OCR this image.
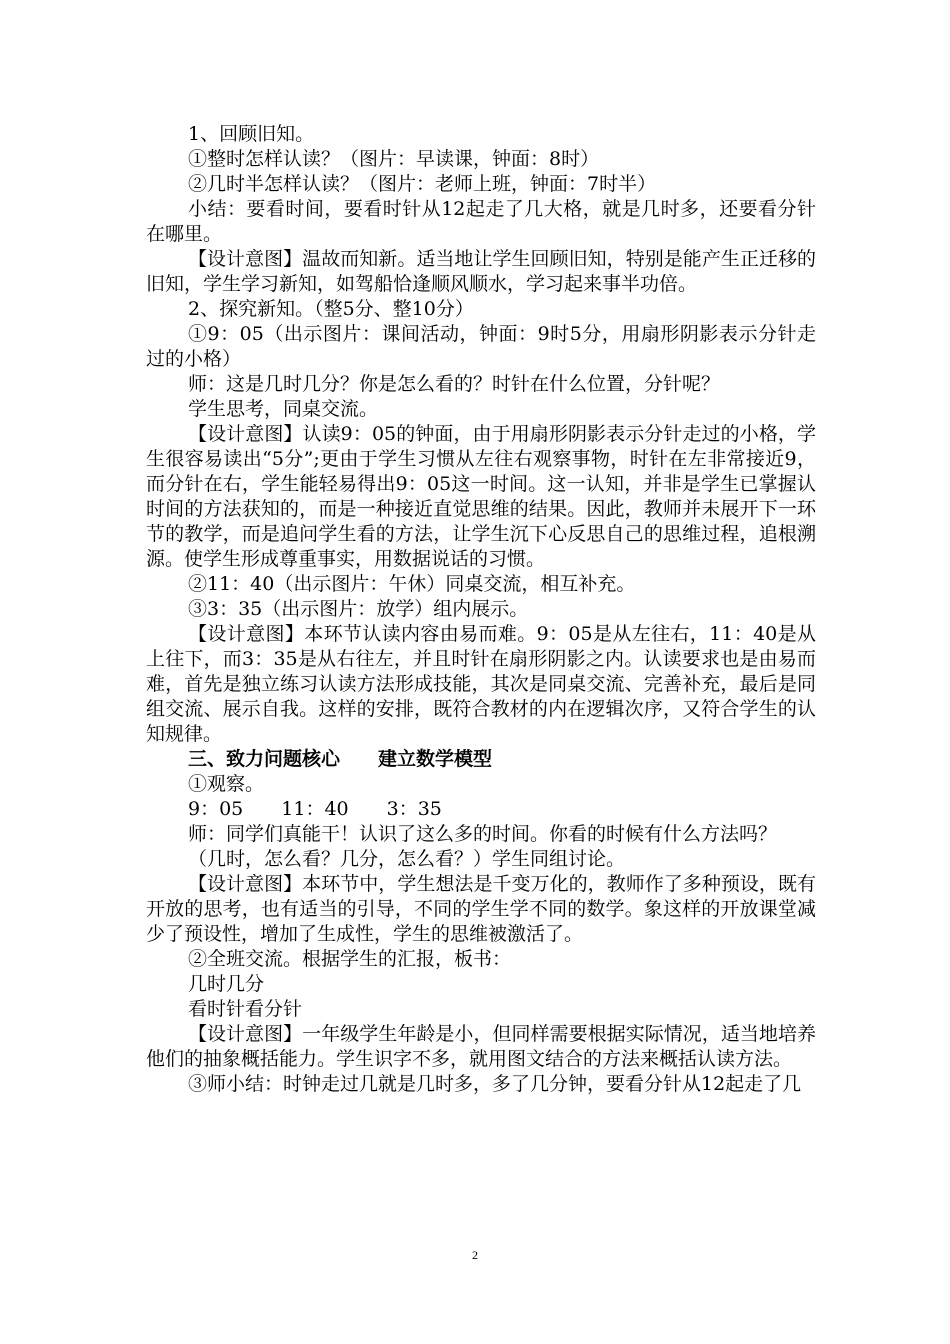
1、回顾旧知。

①整时怎样认读？（图片：早读课，钟面：8时）

②几时半怎样认读？（图片：老师上班，钟面：7时半）

小结：要看时间，要看时针从12起走了几大格，就是几时多，还要看分针在哪里。

【设计意图】温故而知新。适当地让学生回顾旧知，特别是能产生正迁移的旧知，学生学习新知，如驾船恰逢顺风顺水，学习起来事半功倍。

2、探究新知。（整5分、整10分）

①9：05（出示图片：课间活动，钟面：9时5分，用扇形阴影表示分针走过的小格）

师：这是几时几分？你是怎么看的？时针在什么位置，分针呢？

学生思考，同桌交流。

【设计意图】认读9：05的钟面，由于用扇形阴影表示分针走过的小格，学生很容易读出“5分”;更由于学生习惯从左往右观察事物，时针在左非常接近9，而分针在右，学生能轻易得出9：05这一时间。这一认知，并非是学生已掌握认时间的方法获知的，而是一种接近直觉思维的结果。因此，教师并未展开下一环节的教学，而是追问学生看的方法，让学生沉下心反思自己的思维过程，追根溯源。使学生形成尊重事实，用数据说话的习惯。

②11：40（出示图片：午休）同桌交流，相互补充。

③3：35（出示图片：放学）组内展示。

【设计意图】本环节认读内容由易而难。9：05是从左往右，11：40是从上往下，而3：35是从右往左，并且时针在扇形阴影之内。认读要求也是由易而难，首先是独立练习认读方法形成技能，其次是同桌交流、完善补充，最后是同组交流、展示自我。这样的安排，既符合教材的内在逻辑次序，又符合学生的认知规律。

三、致力问题核心　　建立数学模型

①观察。

9：05　　11：40　　3：35

师：同学们真能干！认识了这么多的时间。你看的时候有什么方法吗？

（几时，怎么看？几分，怎么看？）学生同组讨论。

【设计意图】本环节中，学生想法是千变万化的，教师作了多种预设，既有开放的思考，也有适当的引导，不同的学生学不同的数学。象这样的开放课堂减少了预设性，增加了生成性，学生的思维被激活了。

②全班交流。根据学生的汇报，板书：

几时几分

看时针看分针

【设计意图】一年级学生年龄是小，但同样需要根据实际情况，适当地培养他们的抽象概括能力。学生识字不多，就用图文结合的方法来概括认读方法。

③师小结：时钟走过几就是几时多，多了几分钟，要看分针从12起走了几

2
